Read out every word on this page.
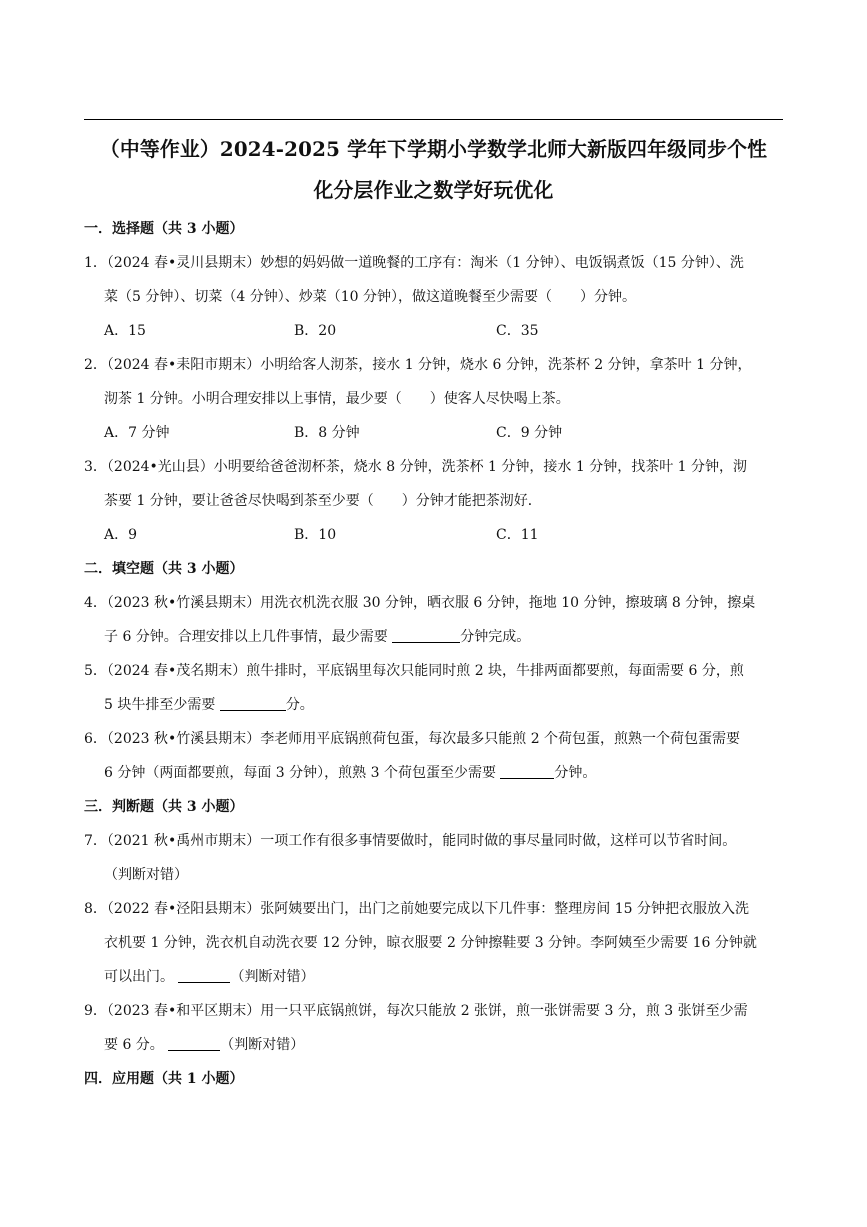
（中等作业）2024-2025 学年下学期小学数学北师大新版四年级同步个性
化分层作业之数学好玩优化
一．选择题（共 3 小题）
1．（2024 春•灵川县期末）妙想的妈妈做一道晚餐的工序有：淘米（1 分钟）、电饭锅煮饭（15 分钟）、洗
菜（5 分钟）、切菜（4 分钟）、炒菜（10 分钟），做这道晚餐至少需要（　　）分钟。
A．15	B．20	C．35
2．（2024 春•耒阳市期末）小明给客人沏茶，接水 1 分钟，烧水 6 分钟，洗茶杯 2 分钟，拿茶叶 1 分钟，
沏茶 1 分钟。小明合理安排以上事情，最少要（　　）使客人尽快喝上茶。
A．7 分钟	B．8 分钟	C．9 分钟
3．（2024•光山县）小明要给爸爸沏杯茶，烧水 8 分钟，洗茶杯 1 分钟，接水 1 分钟，找茶叶 1 分钟，沏
茶要 1 分钟，要让爸爸尽快喝到茶至少要（　　）分钟才能把茶沏好．
A．9	B．10	C．11
二．填空题（共 3 小题）
4．（2023 秋•竹溪县期末）用洗衣机洗衣服 30 分钟，晒衣服 6 分钟，拖地 10 分钟，擦玻璃 8 分钟，擦桌
子 6 分钟。合理安排以上几件事情，最少需要	分钟完成。
5．（2024 春•茂名期末）煎牛排时，平底锅里每次只能同时煎 2 块，牛排两面都要煎，每面需要 6 分，煎
5 块牛排至少需要	分。
6．（2023 秋•竹溪县期末）李老师用平底锅煎荷包蛋，每次最多只能煎 2 个荷包蛋，煎熟一个荷包蛋需要
6 分钟（两面都要煎，每面 3 分钟），煎熟 3 个荷包蛋至少需要	分钟。
三．判断题（共 3 小题）
7．（2021 秋•禹州市期末）一项工作有很多事情要做时，能同时做的事尽量同时做，这样可以节省时间。
（判断对错）
8．（2022 春•泾阳县期末）张阿姨要出门，出门之前她要完成以下几件事：整理房间 15 分钟把衣服放入洗
衣机要 1 分钟，洗衣机自动洗衣要 12 分钟，晾衣服要 2 分钟擦鞋要 3 分钟。李阿姨至少需要 16 分钟就
可以出门。	（判断对错）
9．（2023 春•和平区期末）用一只平底锅煎饼，每次只能放 2 张饼，煎一张饼需要 3 分，煎 3 张饼至少需
要 6 分。	（判断对错）
四．应用题（共 1 小题）
